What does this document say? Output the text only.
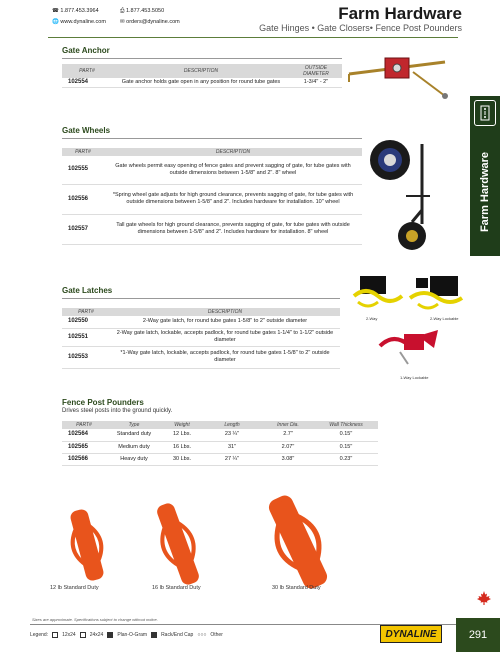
☎ 1.877.453.3964	⎙ 1.877.453.5050
🌐 www.dynaline.com	✉ orders@dynaline.com	Farm Hardware
Gate Hinges • Gate Closers• Fence Post Pounders
Farm Hardware
Gate Anchor
PART#	DESCRIPTION	OUTSIDE DIAMETER
102554	Gate anchor holds gate open in any position for round tube gates	1-3/4" - 2"
Gate Wheels
PART#	DESCRIPTION
102555	Gate wheels permit easy opening of fence gates and prevent sagging of gate, for tube gates with outside dimensions between 1-5/8" and 2". 8" wheel
102556	*Spring wheel gate adjusts for high ground clearance, prevents sagging of gate, for tube gates with outside dimensions between 1-5/8" and 2". Includes hardware for installation. 10" wheel
102557	Tall gate wheels for high ground clearance, prevents sagging of gate, for tube gates with outside dimensions between 1-5/8" and 2". Includes hardware for installation. 8" wheel
Gate Latches
PART#	DESCRIPTION
102550	2-Way gate latch, for round tube gates 1-5/8" to 2" outside diameter
102551	2-Way gate latch, lockable, accepts padlock, for round tube gates 1-1/4" to 1-1/2" outside diameter
102553	*1-Way gate latch, lockable, accepts padlock, for round tube gates 1-5/8" to 2" outside diameter
2-Way	2-Way Lockable
1-Way Lockable
Fence Post Pounders
Drives steel posts into the ground quickly.
PART#	Type	Weight	Length	Inner Dia.	Wall Thickness
102564	Standard duty	12 Lbs.	23 ¼"	2.7"	0.15"
102565	Medium duty	16 Lbs.	31"	2.07"	0.15"
102566	Heavy duty	30 Lbs.	27 ¼"	3.08"	0.23"
12 lb Standard Duty	16 lb Standard Duty	30 lb Standard Duty
Sizes are approximate. Specifications subject to change without notice.
Legend:	12x24	24x24	Plan-O-Gram	Rack/End Cap ○○○ Other	DYNALINE	291
